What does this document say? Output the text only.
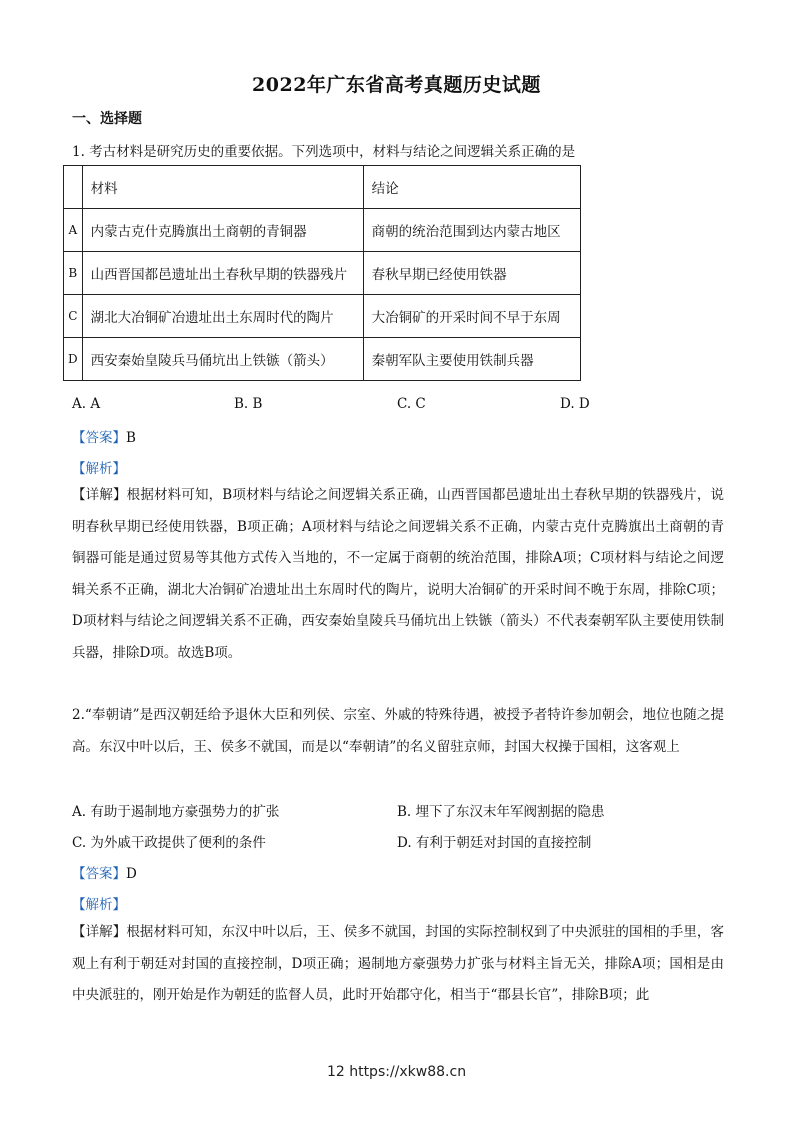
2022年广东省高考真题历史试题
一、选择题
1. 考古材料是研究历史的重要依据。下列选项中，材料与结论之间逻辑关系正确的是
	材料	结论
A	内蒙古克什克腾旗出土商朝的青铜器	商朝的统治范围到达内蒙古地区
B	山西晋国都邑遗址出土春秋早期的铁器残片	春秋早期已经使用铁器
C	湖北大冶铜矿冶遗址出土东周时代的陶片	大冶铜矿的开采时间不早于东周
D	西安秦始皇陵兵马俑坑出上铁镞（箭头）	秦朝军队主要使用铁制兵器
A. A	B. B	C. C	D. D
【答案】B
【解析】
【详解】根据材料可知，B项材料与结论之间逻辑关系正确，山西晋国都邑遗址出土春秋早期的铁器残片，说明春秋早期已经使用铁器，B项正确；A项材料与结论之间逻辑关系不正确，内蒙古克什克腾旗出土商朝的青铜器可能是通过贸易等其他方式传入当地的，不一定属于商朝的统治范围，排除A项；C项材料与结论之间逻辑关系不正确，湖北大冶铜矿冶遗址出土东周时代的陶片，说明大冶铜矿的开采时间不晚于东周，排除C项；D项材料与结论之间逻辑关系不正确，西安秦始皇陵兵马俑坑出上铁镞（箭头）不代表秦朝军队主要使用铁制兵器，排除D项。故选B项。
2.“奉朝请”是西汉朝廷给予退休大臣和列侯、宗室、外戚的特殊待遇，被授予者特许参加朝会，地位也随之提高。东汉中叶以后，王、侯多不就国，而是以“奉朝请”的名义留驻京师，封国大权操于国相，这客观上
A. 有助于遏制地方豪强势力的扩张	B. 埋下了东汉末年军阀割据的隐患
C. 为外戚干政提供了便利的条件	D. 有利于朝廷对封国的直接控制
【答案】D
【解析】
【详解】根据材料可知，东汉中叶以后，王、侯多不就国，封国的实际控制权到了中央派驻的国相的手里，客观上有利于朝廷对封国的直接控制，D项正确；遏制地方豪强势力扩张与材料主旨无关，排除A项；国相是由中央派驻的，刚开始是作为朝廷的监督人员，此时开始郡守化，相当于“郡县长官”，排除B项；此
12 https://xkw88.cn
